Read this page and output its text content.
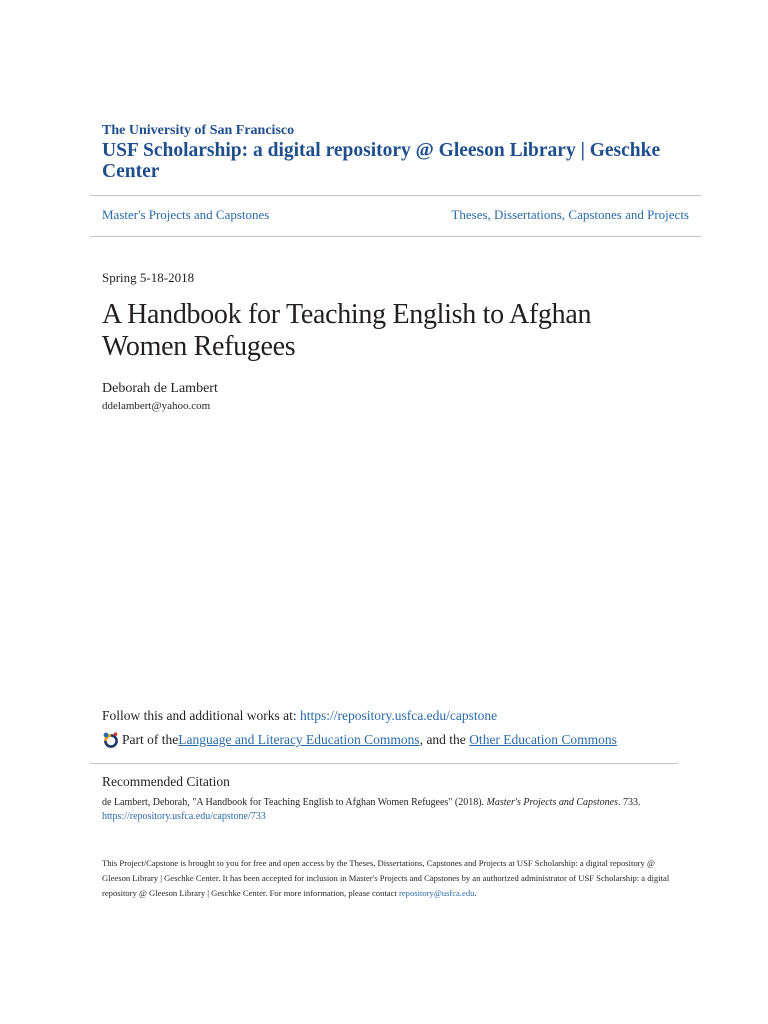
The University of San Francisco
USF Scholarship: a digital repository @ Gleeson Library | Geschke Center
Master's Projects and Capstones	Theses, Dissertations, Capstones and Projects
Spring 5-18-2018
A Handbook for Teaching English to Afghan Women Refugees
Deborah de Lambert
ddelambert@yahoo.com
Follow this and additional works at: https://repository.usfca.edu/capstone
Part of the Language and Literacy Education Commons , and the Other Education Commons
Recommended Citation
de Lambert, Deborah, "A Handbook for Teaching English to Afghan Women Refugees" (2018). Master's Projects and Capstones. 733.
https://repository.usfca.edu/capstone/733
This Project/Capstone is brought to you for free and open access by the Theses, Dissertations, Capstones and Projects at USF Scholarship: a digital repository @ Gleeson Library | Geschke Center. It has been accepted for inclusion in Master's Projects and Capstones by an authorized administrator of USF Scholarship: a digital repository @ Gleeson Library | Geschke Center. For more information, please contact repository@usfca.edu.
